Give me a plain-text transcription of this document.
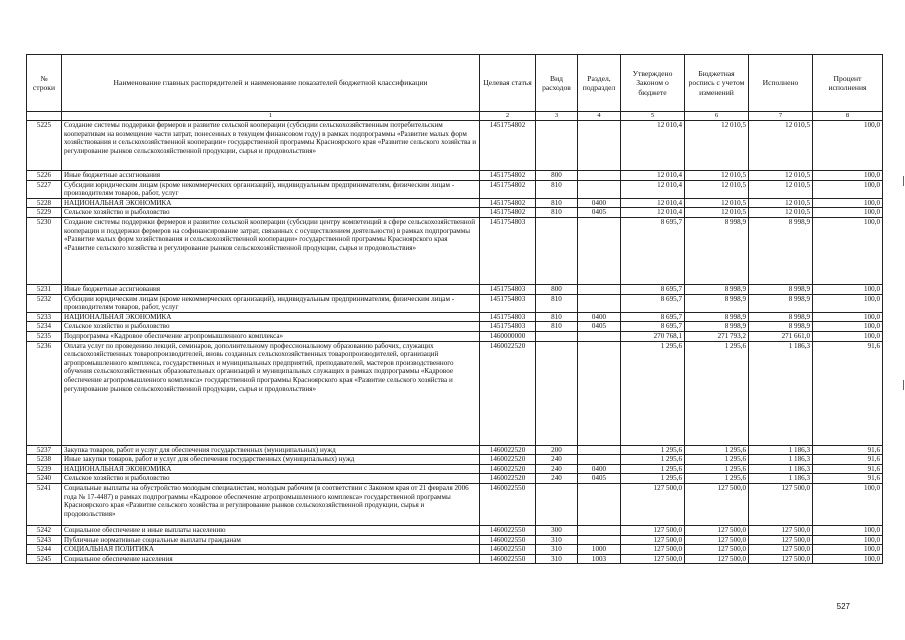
№ строки	Наименование главных распорядителей и наименование показателей бюджетной классификации	Целевая статья	Вид расходов	Раздел, подраздел	Утверждено Законом о бюджете	Бюджетная роспись с учетом изменений	Исполнено	Процент исполнения
	1	2	3	4	5	6	7	8
5225	Создание системы поддержки фермеров и развитие сельской кооперации (субсидии сельскохозяйственным потребительским кооперативам на возмещение части затрат, понесенных в текущем финансовом году) в рамках подпрограммы «Развитие малых форм хозяйствования и сельскохозяйственной кооперации» государственной программы Красноярского края «Развитие сельского хозяйства и регулирование рынков сельскохозяйственной продукции, сырья и продовольствия»	1451754802			12 010,4	12 010,5	12 010,5	100,0
5226	Иные бюджетные ассигнования	1451754802	800		12 010,4	12 010,5	12 010,5	100,0
5227	Субсидии юридическим лицам (кроме некоммерческих организаций), индивидуальным предпринимателям, физическим лицам - производителям товаров, работ, услуг	1451754802	810		12 010,4	12 010,5	12 010,5	100,0
5228	НАЦИОНАЛЬНАЯ ЭКОНОМИКА	1451754802	810	0400	12 010,4	12 010,5	12 010,5	100,0
5229	Сельское хозяйство и рыболовство	1451754802	810	0405	12 010,4	12 010,5	12 010,5	100,0
5230	Создание системы поддержки фермеров и развитие сельской кооперации (субсидии центру компетенций в сфере сельскохозяйственной кооперации и поддержки фермеров на софинансирование затрат, связанных с осуществлением деятельности) в рамках подпрограммы «Развитие малых форм хозяйствования и сельскохозяйственной кооперации» государственной программы Красноярского края «Развитие сельского хозяйства и регулирование рынков сельскохозяйственной продукции, сырья и продовольствия»	1451754803			8 695,7	8 998,9	8 998,9	100,0
5231	Иные бюджетные ассигнования	1451754803	800		8 695,7	8 998,9	8 998,9	100,0
5232	Субсидии юридическим лицам (кроме некоммерческих организаций), индивидуальным предпринимателям, физическим лицам - производителям товаров, работ, услуг	1451754803	810		8 695,7	8 998,9	8 998,9	100,0
5233	НАЦИОНАЛЬНАЯ ЭКОНОМИКА	1451754803	810	0400	8 695,7	8 998,9	8 998,9	100,0
5234	Сельское хозяйство и рыболовство	1451754803	810	0405	8 695,7	8 998,9	8 998,9	100,0
5235	Подпрограмма «Кадровое обеспечение агропромышленного комплекса»	1460000000			270 768,1	271 793,2	271 661,0	100,0
5236	Оплата услуг по проведению лекций, семинаров, дополнительному профессиональному образованию рабочих, служащих сельскохозяйственных товаропроизводителей, вновь созданных сельскохозяйственных товаропроизводителей, организаций агропромышленного комплекса, государственных и муниципальных предприятий, преподавателей, мастеров производственного обучения сельскохозяйственных образовательных организаций и муниципальных служащих в рамках подпрограммы «Кадровое обеспечение агропромышленного комплекса» государственной программы Красноярского края «Развитие сельского хозяйства и регулирование рынков сельскохозяйственной продукции, сырья и продовольствия»	1460022520			1 295,6	1 295,6	1 186,3	91,6
5237	Закупка товаров, работ и услуг для обеспечения государственных (муниципальных) нужд	1460022520	200		1 295,6	1 295,6	1 186,3	91,6
5238	Иные закупки товаров, работ и услуг для обеспечения государственных (муниципальных) нужд	1460022520	240		1 295,6	1 295,6	1 186,3	91,6
5239	НАЦИОНАЛЬНАЯ ЭКОНОМИКА	1460022520	240	0400	1 295,6	1 295,6	1 186,3	91,6
5240	Сельское хозяйство и рыболовство	1460022520	240	0405	1 295,6	1 295,6	1 186,3	91,6
5241	Социальные выплаты на обустройство молодым специалистам, молодым рабочим (в соответствии с Законом края от 21 февраля 2006 года № 17-4487) в рамках подпрограммы «Кадровое обеспечение агропромышленного комплекса» государственной программы Красноярского края «Развитие сельского хозяйства и регулирование рынков сельскохозяйственной продукции, сырья и продовольствия»	1460022550			127 500,0	127 500,0	127 500,0	100,0
5242	Социальное обеспечение и иные выплаты населению	1460022550	300		127 500,0	127 500,0	127 500,0	100,0
5243	Публичные нормативные социальные выплаты гражданам	1460022550	310		127 500,0	127 500,0	127 500,0	100,0
5244	СОЦИАЛЬНАЯ ПОЛИТИКА	1460022550	310	1000	127 500,0	127 500,0	127 500,0	100,0
5245	Социальное обеспечение населения	1460022550	310	1003	127 500,0	127 500,0	127 500,0	100,0
527
